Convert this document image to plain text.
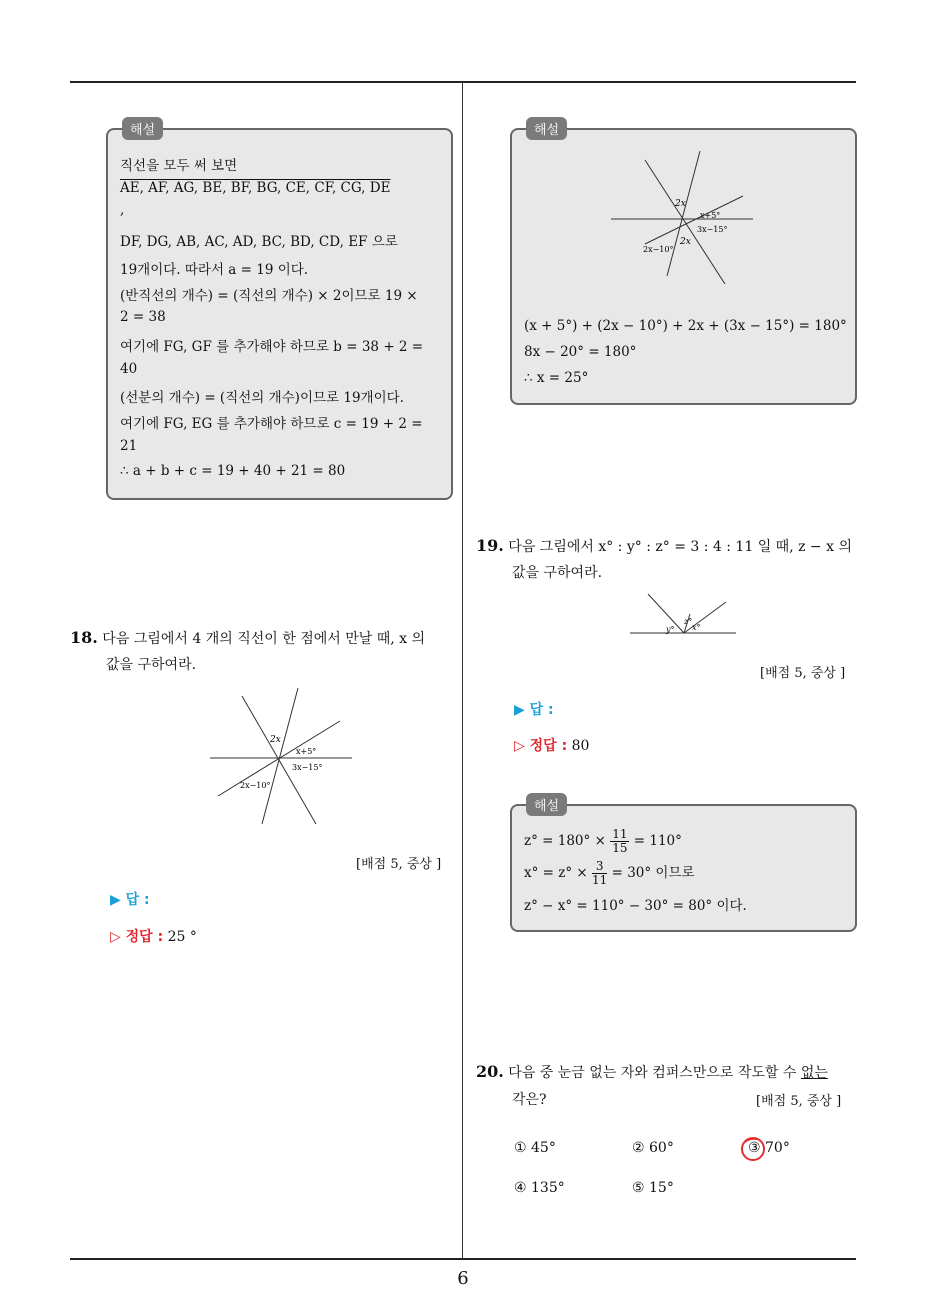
해설
직선을 모두 써 보면
AE, AF, AG, BE, BF, BG, CE, CF, CG, DE
,
DF, DG, AB, AC, AD, BC, BD, CD, EF 으로
19개이다. 따라서 a = 19 이다.
(반직선의 개수) = (직선의 개수) × 2이므로 19 ×
2 = 38
여기에 FG, GF 를 추가해야 하므로 b = 38 + 2 =
40
(선분의 개수) = (직선의 개수)이므로 19개이다.
여기에 FG, EG 를 추가해야 하므로 c = 19 + 2 =
21
∴ a + b + c = 19 + 40 + 21 = 80
해설
2x
x+5°
3x−15°
2x
2x−10°
(x + 5°) + (2x − 10°) + 2x + (3x − 15°) = 180°
8x − 20° = 180°
∴ x = 25°
18. 다음 그림에서 4 개의 직선이 한 점에서 만날 때, x 의
값을 구하여라.
2x
x+5°
3x−15°
2x−10°
[배점 5, 중상 ]
▶ 답 :
▷ 정답 : 25 °
19. 다음 그림에서 x° : y° : z° = 3 : 4 : 11 일 때, z − x 의
값을 구하여라.
y°
z°
x°
[배점 5, 중상 ]
▶ 답 :
▷ 정답 : 80
해설
$z^\circ = 180^\circ \times \frac{11}{15} = 110^\circ$
$x^\circ = z^\circ \times \frac{3}{11} = 30^\circ$ 이므로
z° − x° = 110° − 30° = 80° 이다.
20. 다음 중 눈금 없는 자와 컴퍼스만으로 작도할 수 없는
각은?	[배점 5, 중상 ]
① 45°	② 60°	③ 70°
④ 135°	⑤ 15°
6
